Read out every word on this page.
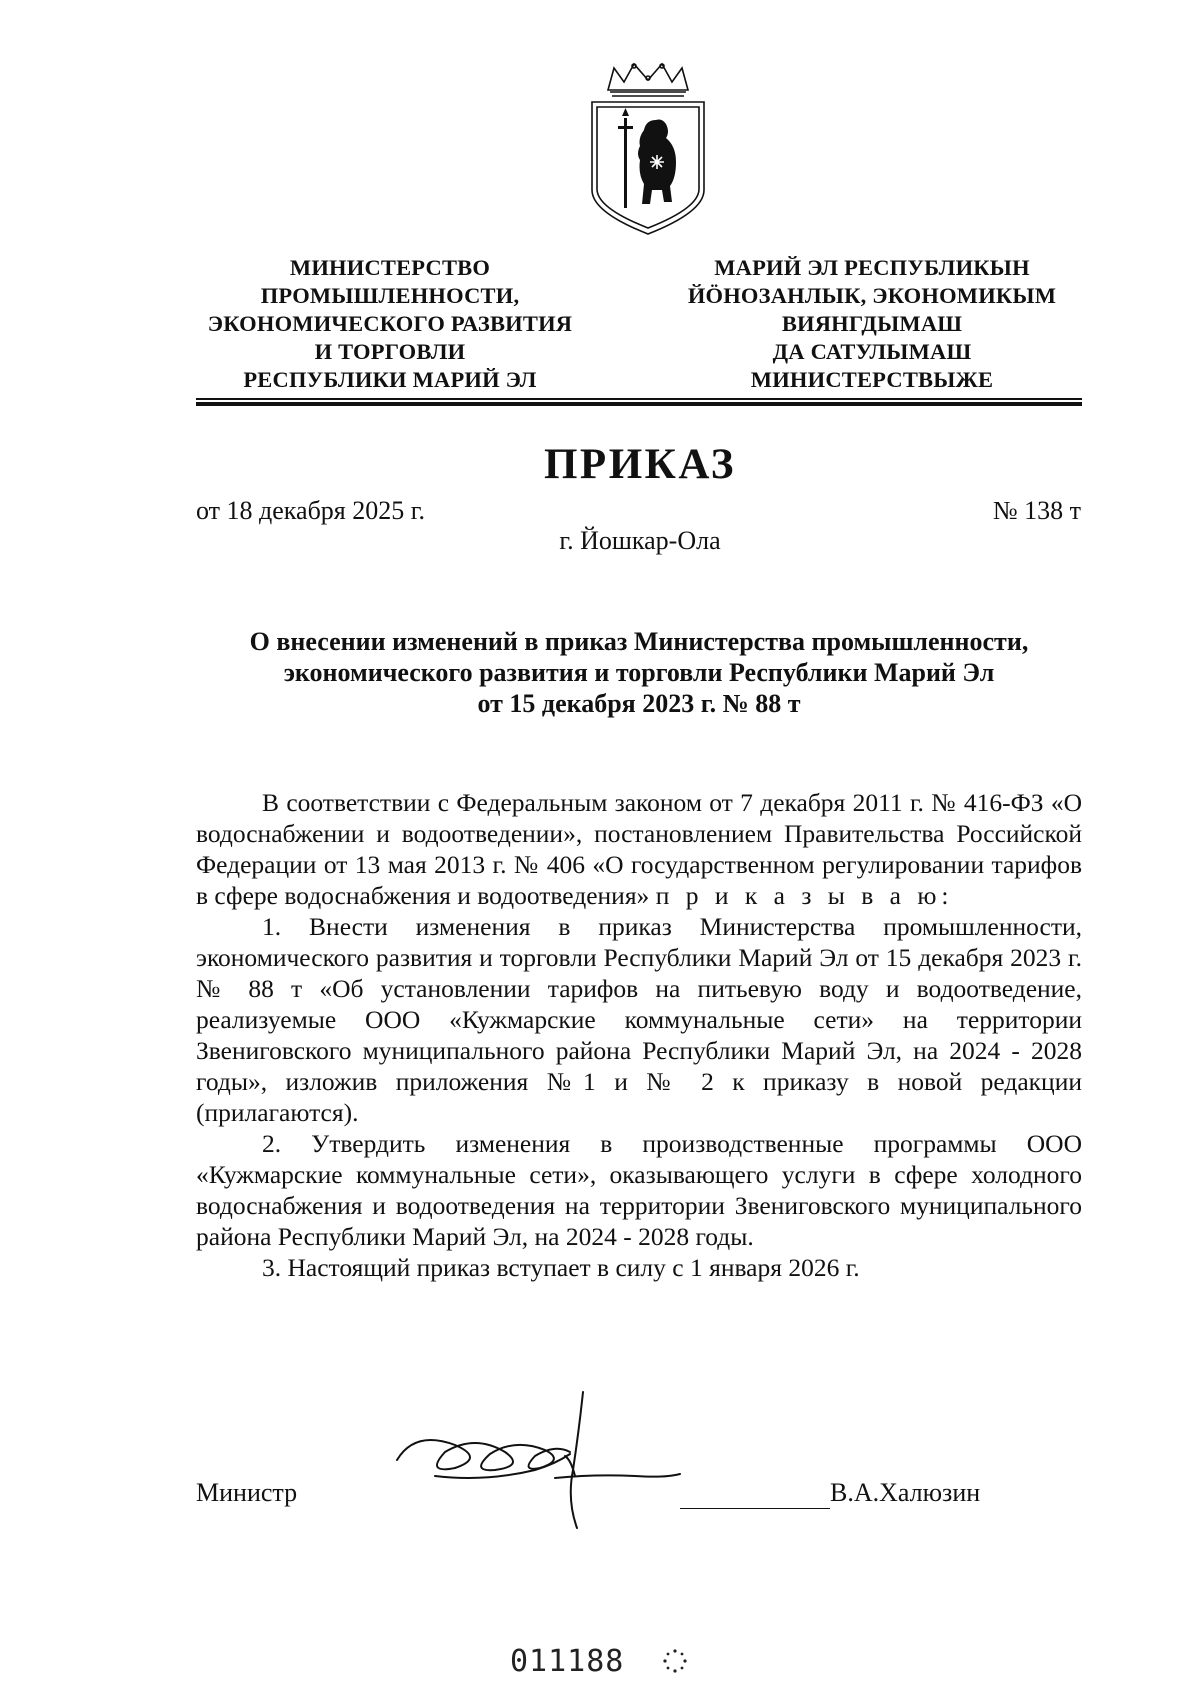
МИНИСТЕРСТВО
ПРОМЫШЛЕННОСТИ,
ЭКОНОМИЧЕСКОГО РАЗВИТИЯ
И ТОРГОВЛИ
РЕСПУБЛИКИ МАРИЙ ЭЛ
МАРИЙ ЭЛ РЕСПУБЛИКЫН
ЙӦНОЗАНЛЫК, ЭКОНОМИКЫМ
ВИЯНГДЫМАШ
ДА САТУЛЫМАШ
МИНИСТЕРСТВЫЖЕ
ПРИКАЗ
от 18 декабря 2025 г.	№ 138 т
г. Йошкар-Ола
О внесении изменений в приказ Министерства промышленности,
экономического развития и торговли Республики Марий Эл
от 15 декабря 2023 г. № 88 т

В соответствии с Федеральным законом от 7 декабря 2011 г. № 416-ФЗ «О водоснабжении и водоотведении», постановлением Правительства Российской Федерации от 13 мая 2013 г. № 406 «О государственном регулировании тарифов в сфере водоснабжения и водоотведения» п р и к а з ы в а ю:

1. Внести изменения в приказ Министерства промышленности, экономического развития и торговли Республики Марий Эл от 15 декабря 2023 г. № 88 т «Об установлении тарифов на питьевую воду и водоотведение, реализуемые ООО «Кужмарские коммунальные сети» на территории Звениговского муниципального района Республики Марий Эл, на 2024 - 2028 годы», изложив приложения №1 и № 2 к приказу в новой редакции (прилагаются).

2. Утвердить изменения в производственные программы ООО «Кужмарские коммунальные сети», оказывающего услуги в сфере холодного водоснабжения и водоотведения на территории Звениговского муниципального района Республики Марий Эл, на 2024 - 2028 годы.

3. Настоящий приказ вступает в силу с 1 января 2026 г.

Министр	В.А.Халюзин
011188
